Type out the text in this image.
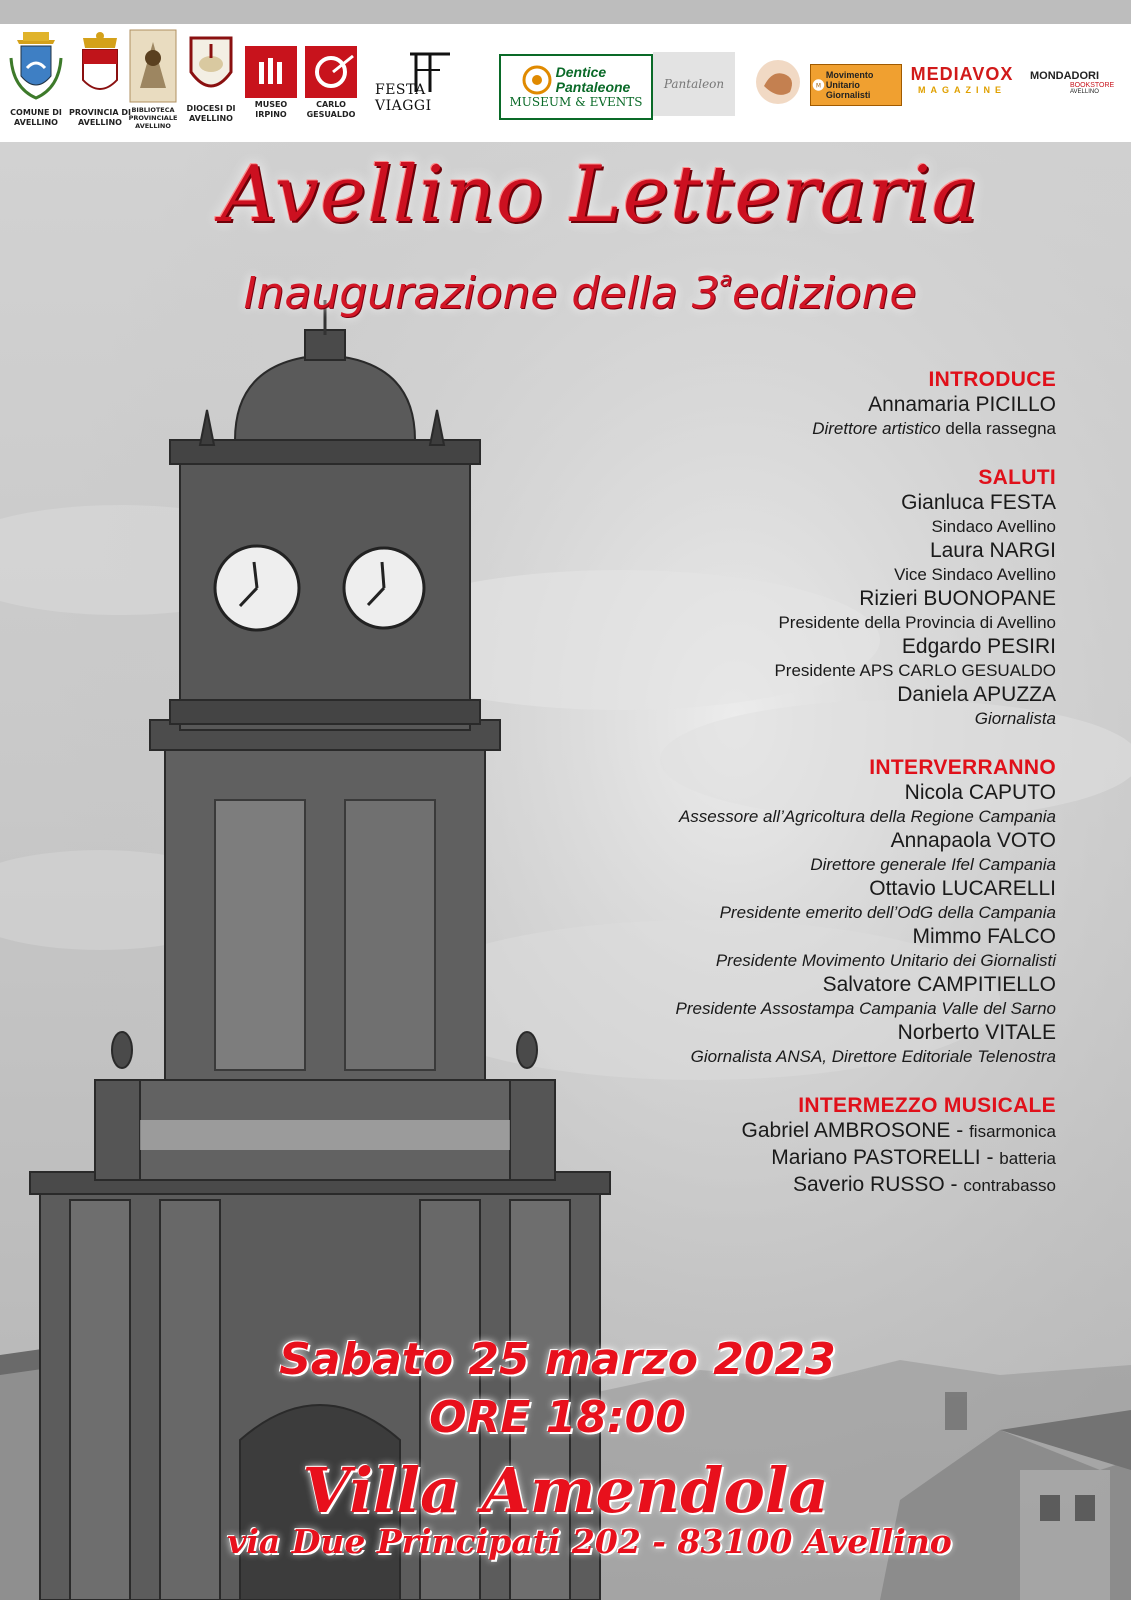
COMUNE DI AVELLINO
PROVINCIA DI AVELLINO
BIBLIOTECA PROVINCIALE AVELLINO
DIOCESI DI AVELLINO
MUSEO IRPINO
CARLO GESUALDO
FESTA VIAGGI
Dentice
Pantaleone
MUSEUM & EVENTS
Pantaleon	M
Movimento Unitario Giornalisti
MEDIAVOX
MAGAZINE
MONDADORI
BOOKSTORE
AVELLINO
Avellino Letteraria
Inaugurazione della 3$^a$edizione
INTRODUCE
Annamaria PICILLO
Direttore artistico della rassegna
SALUTI
Gianluca FESTA
Sindaco Avellino
Laura NARGI
Vice Sindaco Avellino
Rizieri BUONOPANE
Presidente della Provincia di Avellino
Edgardo PESIRI
Presidente APS CARLO GESUALDO
Daniela APUZZA
Giornalista
INTERVERRANNO
Nicola CAPUTO
Assessore all’Agricoltura della Regione Campania
Annapaola VOTO
Direttore generale Ifel Campania
Ottavio LUCARELLI
Presidente emerito dell’OdG della Campania
Mimmo FALCO
Presidente Movimento Unitario dei Giornalisti
Salvatore CAMPITIELLO
Presidente Assostampa Campania Valle del Sarno
Norberto VITALE
Giornalista ANSA, Direttore Editoriale Telenostra
INTERMEZZO MUSICALE
Gabriel AMBROSONE - fisarmonica
Mariano PASTORELLI - batteria
Saverio RUSSO - contrabasso
Sabato 25 marzo 2023
ORE 18:00
Villa Amendola
via Due Principati 202 - 83100 Avellino
